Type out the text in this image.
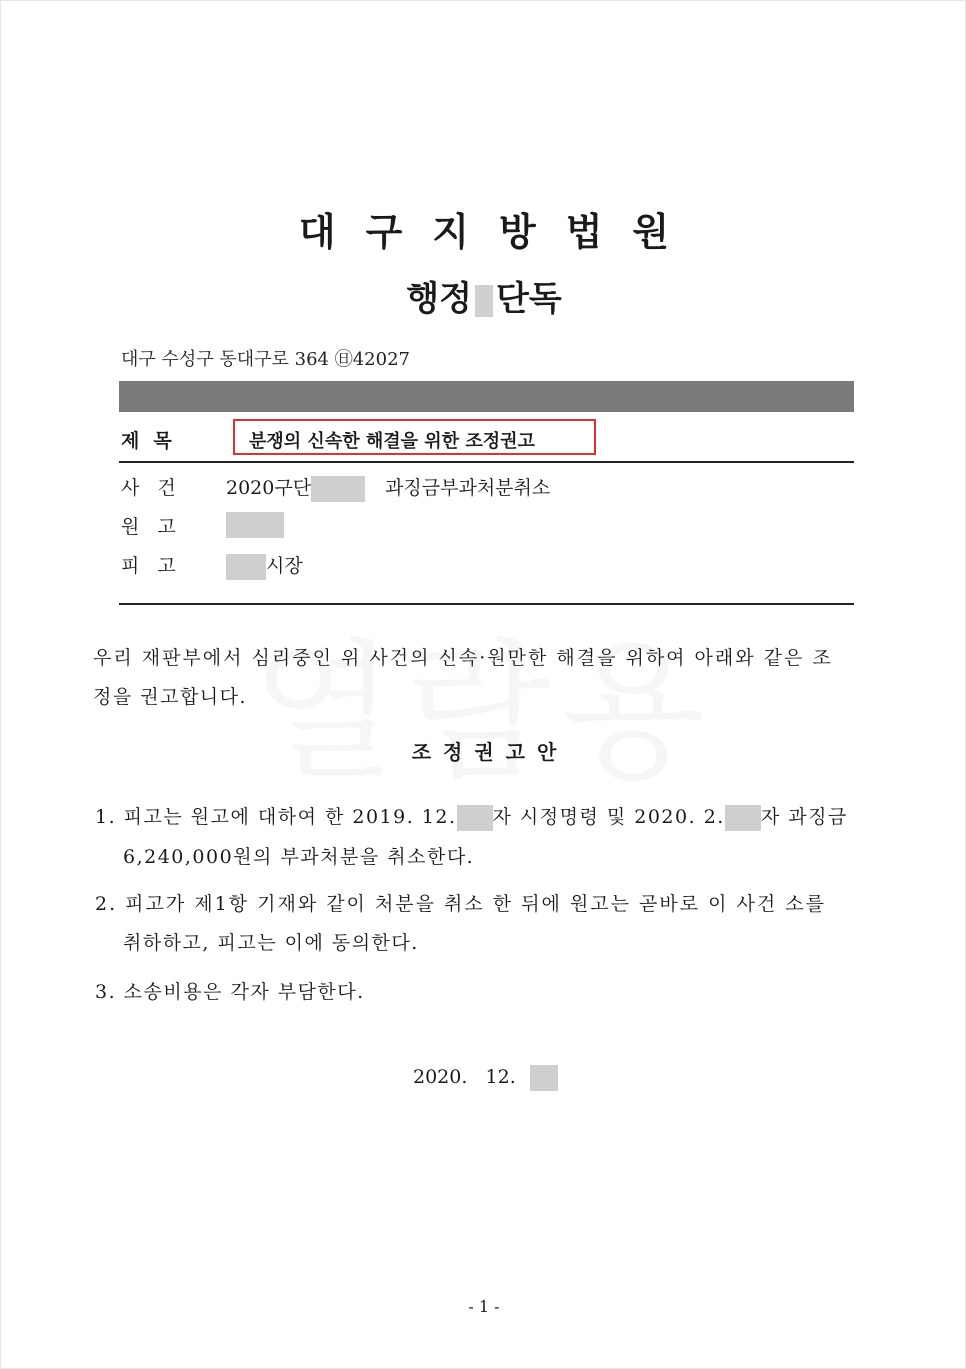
대구지방법원
행정 단독
대구 수성구 동대구로 364 ㊐42027
제목	분쟁의 신속한 해결을 위한 조정권고
사건 2020구단	과징금부과처분취소
원고
피고	시장
우리 재판부에서 심리중인 위 사건의 신속·원만한 해결을 위하여 아래와 같은 조
정을 권고합니다.
조정권고안
1. 피고는 원고에 대하여 한 2019. 12. 자 시정명령 및 2020. 2. 자 과징금
6,240,000원의 부과처분을 취소한다.
2. 피고가 제1항 기재와 같이 처분을 취소 한 뒤에 원고는 곧바로 이 사건 소를
취하하고, 피고는 이에 동의한다.
3. 소송비용은 각자 부담한다.
2020. 12.
- 1 -
